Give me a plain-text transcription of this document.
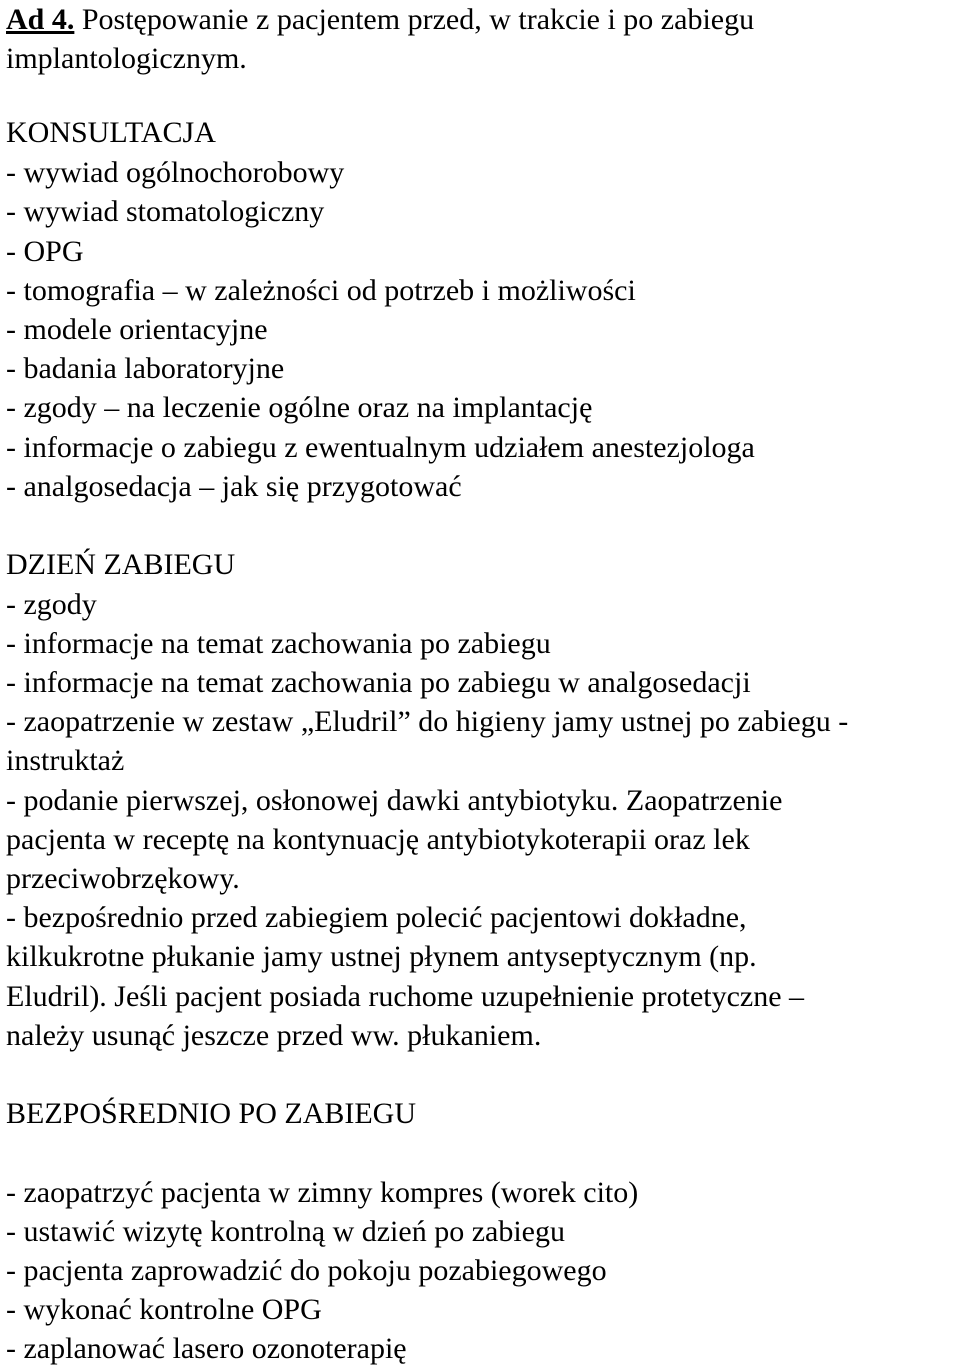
Ad 4. Postępowanie z pacjentem przed, w trakcie i po zabiegu
implantologicznym.
KONSULTACJA
- wywiad ogólnochorobowy
- wywiad stomatologiczny
- OPG
- tomografia – w zależności od potrzeb i możliwości
- modele orientacyjne
- badania laboratoryjne
- zgody – na leczenie ogólne oraz na implantację
- informacje o zabiegu z ewentualnym udziałem anestezjologa
- analgosedacja – jak się przygotować
DZIEŃ ZABIEGU
- zgody
- informacje na temat zachowania po zabiegu
- informacje na temat zachowania po zabiegu w analgosedacji
- zaopatrzenie w zestaw „Eludril” do higieny jamy ustnej po zabiegu -
instruktaż
- podanie pierwszej, osłonowej dawki antybiotyku. Zaopatrzenie
pacjenta w receptę na kontynuację antybiotykoterapii oraz lek
przeciwobrzękowy.
- bezpośrednio przed zabiegiem polecić pacjentowi dokładne,
kilkukrotne płukanie jamy ustnej płynem antyseptycznym (np.
Eludril). Jeśli pacjent posiada ruchome uzupełnienie protetyczne –
należy usunąć jeszcze przed ww. płukaniem.
BEZPOŚREDNIO PO ZABIEGU
- zaopatrzyć pacjenta w zimny kompres (worek cito)
- ustawić wizytę kontrolną w dzień po zabiegu
- pacjenta zaprowadzić do pokoju pozabiegowego
- wykonać kontrolne OPG
- zaplanować lasero ozonoterapię
